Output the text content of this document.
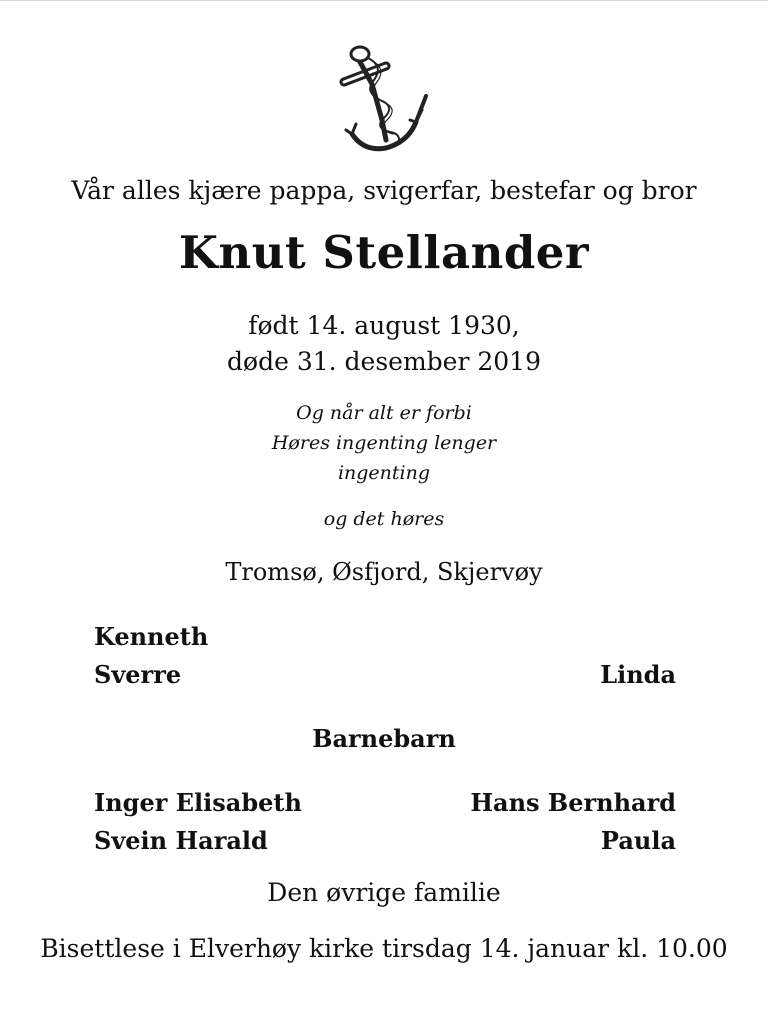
Vår alles kjære pappa, svigerfar, bestefar og bror
Knut Stellander
født 14. august 1930,
døde 31. desember 2019
Og når alt er forbi
Høres ingenting lenger
ingenting
og det høres
Tromsø, Øsfjord, Skjervøy
Kenneth
Sverre	Linda
Barnebarn
Inger Elisabeth	Hans Bernhard
Svein Harald	Paula
Den øvrige familie
Bisettlese i Elverhøy kirke tirsdag 14. januar kl. 10.00
